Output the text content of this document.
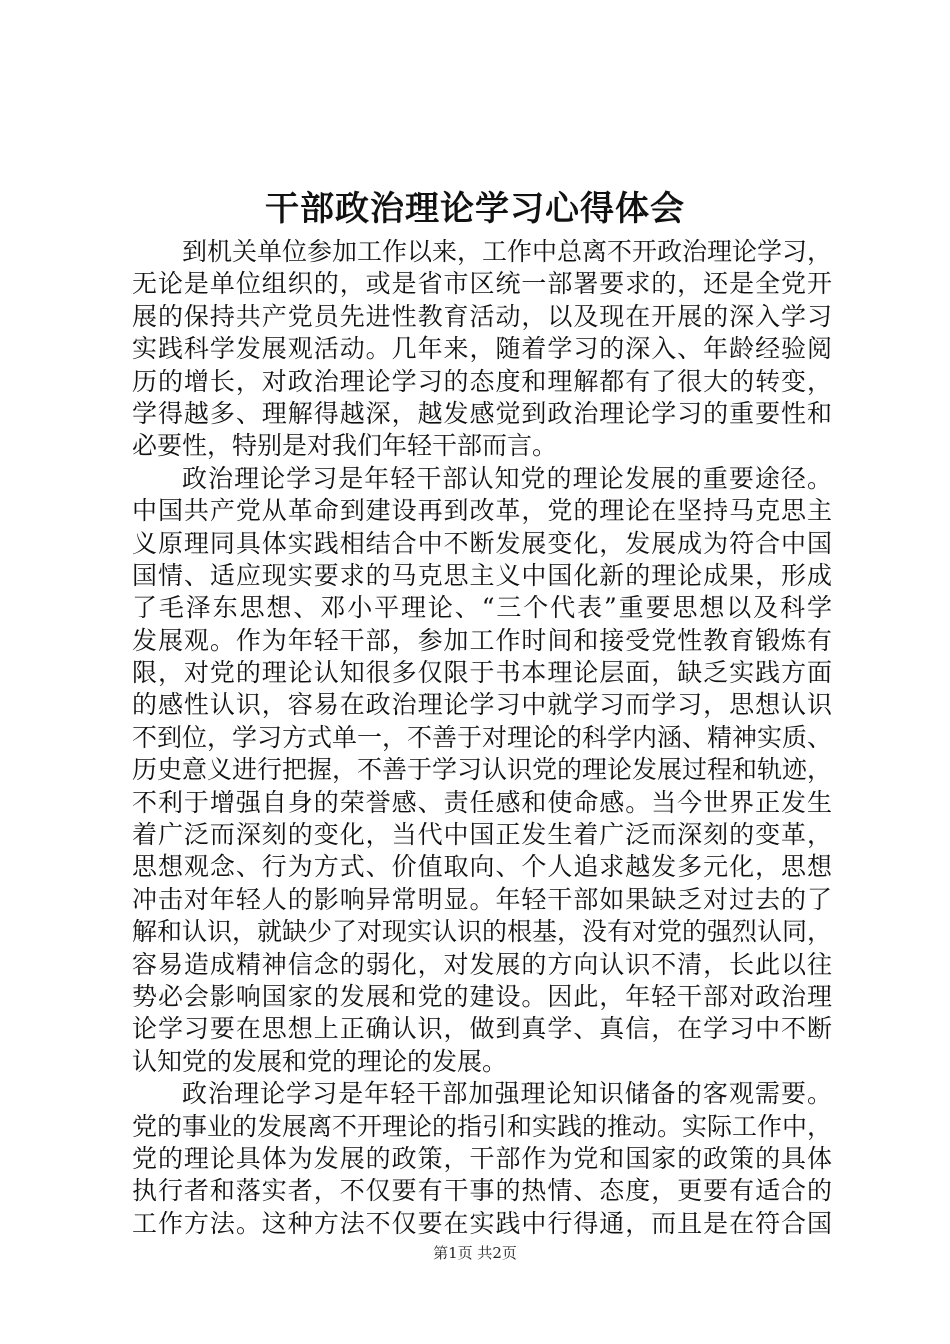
干部政治理论学习心得体会
到机关单位参加工作以来，工作中总离不开政治理论学习，
无论是单位组织的，或是省市区统一部署要求的，还是全党开
展的保持共产党员先进性教育活动，以及现在开展的深入学习
实践科学发展观活动。几年来，随着学习的深入、年龄经验阅
历的增长，对政治理论学习的态度和理解都有了很大的转变，
学得越多、理解得越深，越发感觉到政治理论学习的重要性和
必要性，特别是对我们年轻干部而言。
政治理论学习是年轻干部认知党的理论发展的重要途径。
中国共产党从革命到建设再到改革，党的理论在坚持马克思主
义原理同具体实践相结合中不断发展变化，发展成为符合中国
国情、适应现实要求的马克思主义中国化新的理论成果，形成
了毛泽东思想、邓小平理论、“三个代表”重要思想以及科学
发展观。作为年轻干部，参加工作时间和接受党性教育锻炼有
限，对党的理论认知很多仅限于书本理论层面，缺乏实践方面
的感性认识，容易在政治理论学习中就学习而学习，思想认识
不到位，学习方式单一，不善于对理论的科学内涵、精神实质、
历史意义进行把握，不善于学习认识党的理论发展过程和轨迹，
不利于增强自身的荣誉感、责任感和使命感。当今世界正发生
着广泛而深刻的变化，当代中国正发生着广泛而深刻的变革，
思想观念、行为方式、价值取向、个人追求越发多元化，思想
冲击对年轻人的影响异常明显。年轻干部如果缺乏对过去的了
解和认识，就缺少了对现实认识的根基，没有对党的强烈认同，
容易造成精神信念的弱化，对发展的方向认识不清，长此以往
势必会影响国家的发展和党的建设。因此，年轻干部对政治理
论学习要在思想上正确认识，做到真学、真信，在学习中不断
认知党的发展和党的理论的发展。
政治理论学习是年轻干部加强理论知识储备的客观需要。
党的事业的发展离不开理论的指引和实践的推动。实际工作中，
党的理论具体为发展的政策，干部作为党和国家的政策的具体
执行者和落实者，不仅要有干事的热情、态度，更要有适合的
工作方法。这种方法不仅要在实践中行得通，而且是在符合国
第1页 共2页
